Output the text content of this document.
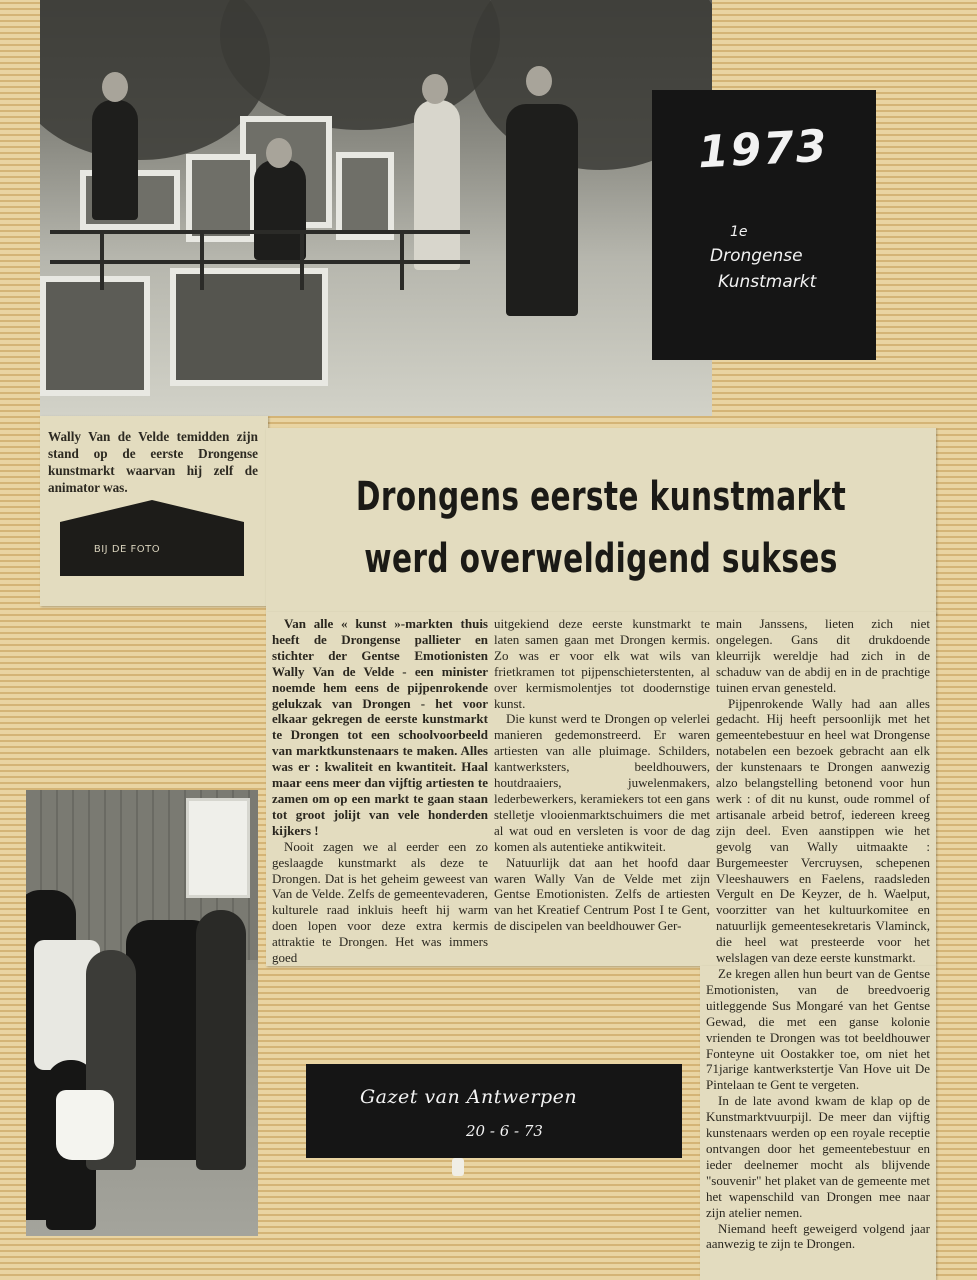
1973
1e
Drongense
Kunstmarkt
Wally Van de Velde temidden zijn stand op de eerste Drongense kunstmarkt waarvan hij zelf de animator was.
BIJ DE FOTO
Drongens eerste kunstmarkt
werd overweldigend sukses

Van alle « kunst »-markten thuis heeft de Drongense pallieter en stichter der Gentse Emotionisten Wally Van de Velde - een minister noemde hem eens de pijpenrokende gelukzak van Drongen - het voor elkaar gekregen de eerste kunstmarkt te Drongen tot een schoolvoorbeeld van marktkunstenaars te maken. Alles was er : kwaliteit en kwantiteit. Haal maar eens meer dan vijftig artiesten te zamen om op een markt te gaan staan tot groot jolijt van vele honderden kijkers !

Nooit zagen we al eerder een zo geslaagde kunstmarkt als deze te Drongen. Dat is het geheim geweest van Van de Velde. Zelfs de gemeentevaderen, kulturele raad inkluis heeft hij warm doen lopen voor deze extra kermis attraktie te Drongen. Het was immers goed

uitgekiend deze eerste kunstmarkt te laten samen gaan met Drongen kermis. Zo was er voor elk wat wils van frietkramen tot pijpenschieterstenten, al over kermismolentjes tot doodernstige kunst.

Die kunst werd te Drongen op velerlei manieren gedemonstreerd. Er waren artiesten van alle pluimage. Schilders, kantwerksters, beeldhouwers, houtdraaiers, juwelenmakers, lederbewerkers, keramiekers tot een gans stelletje vlooienmarktschuimers die met al wat oud en versleten is voor de dag komen als autentieke antikwiteit.

Natuurlijk dat aan het hoofd daar waren Wally Van de Velde met zijn Gentse Emotionisten. Zelfs de artiesten van het Kreatief Centrum Post I te Gent, de discipelen van beeldhouwer Ger-

main Janssens, lieten zich niet ongelegen. Gans dit drukdoende kleurrijk wereldje had zich in de schaduw van de abdij en in de prachtige tuinen ervan genesteld.

Pijpenrokende Wally had aan alles gedacht. Hij heeft persoonlijk met het gemeentebestuur en heel wat Drongense notabelen een bezoek gebracht aan elk der kunstenaars te Drongen aanwezig alzo belangstelling betonend voor hun werk : of dit nu kunst, oude rommel of artisanale arbeid betrof, iedereen kreeg zijn deel. Even aanstippen wie het gevolg van Wally uitmaakte : Burgemeester Vercruysen, schepenen Vleeshauwers en Faelens, raadsleden Vergult en De Keyzer, de h. Waelput, voorzitter van het kultuurkomitee en natuurlijk gemeentesekretaris Vlaminck, die heel wat presteerde voor het welslagen van deze eerste kunstmarkt.

Ze kregen allen hun beurt van de Gentse Emotionisten, van de breedvoerig uitleggende Sus Mongaré van het Gentse Gewad, die met een ganse kolonie vrienden te Drongen was tot beeldhouwer Fonteyne uit Oostakker toe, om niet het 71jarige kantwerkstertje Van Hove uit De Pintelaan te Gent te vergeten.

In de late avond kwam de klap op de Kunstmarktvuurpijl. De meer dan vijftig kunstenaars werden op een royale receptie ontvangen door het gemeentebestuur en ieder deelnemer mocht als blijvende "souvenir" het plaket van de gemeente met het wapenschild van Drongen mee naar zijn atelier nemen.

Niemand heeft geweigerd volgend jaar aanwezig te zijn te Drongen.

Gazet van Antwerpen
20 - 6 - 73
